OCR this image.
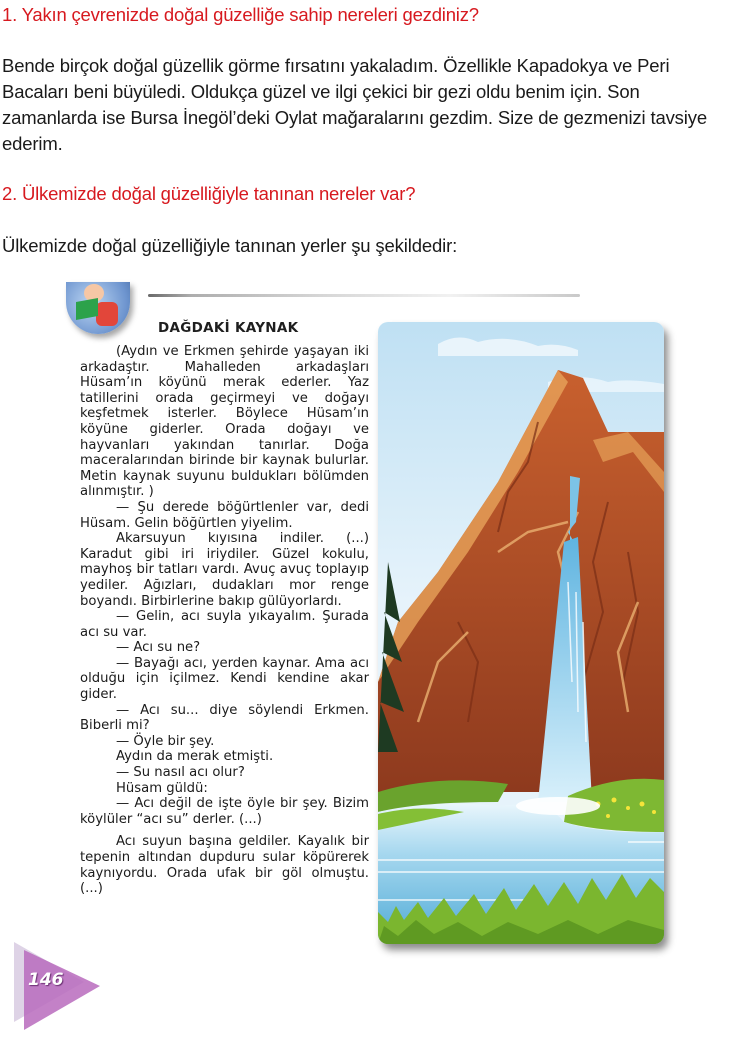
1. Yakın çevrenizde doğal güzelliğe sahip nereleri gezdiniz?
Bende birçok doğal güzellik görme fırsatını yakaladım. Özellikle Kapadokya ve Peri Bacaları beni büyüledi. Oldukça güzel ve ilgi çekici bir gezi oldu benim için. Son zamanlarda ise Bursa İnegöl’deki Oylat mağaralarını gezdim. Size de gezmenizi tavsiye ederim.
2. Ülkemizde doğal güzelliğiyle tanınan nereler var?
Ülkemizde doğal güzelliğiyle tanınan yerler şu şekildedir:
DAĞDAKİ KAYNAK

(Aydın ve Erkmen şehirde yaşayan iki arkadaştır. Mahalleden arkadaşları Hüsam’ın köyünü merak ederler. Yaz tatillerini orada geçirmeyi ve doğayı keşfetmek isterler. Böylece Hüsam’ın köyüne giderler. Orada doğayı ve hayvanları yakından tanırlar. Doğa maceralarından birinde bir kaynak bulurlar. Metin kaynak suyunu buldukları bölümden alınmıştır. )

— Şu derede böğürtlenler var, dedi Hüsam. Gelin böğürtlen yiyelim.

Akarsuyun kıyısına indiler. (...) Karadut gibi iri iriydiler. Güzel kokulu, mayhoş bir tatları vardı. Avuç avuç toplayıp yediler. Ağızları, dudakları mor renge boyandı. Birbirlerine bakıp gülüyorlardı.

— Gelin, acı suyla yıkayalım. Şurada acı su var.

— Acı su ne?

— Bayağı acı, yerden kaynar. Ama acı olduğu için içilmez. Kendi kendine akar gider.

— Acı su... diye söylendi Erkmen. Biberli mi?

— Öyle bir şey.

Aydın da merak etmişti.

— Su nasıl acı olur?

Hüsam güldü:

— Acı değil de işte öyle bir şey. Bizim köylüler “acı su” derler. (...)

Acı suyun başına geldiler. Kayalık bir tepenin altından dupduru sular köpürerek kaynıyordu. Orada ufak bir göl olmuştu. (...)

146
